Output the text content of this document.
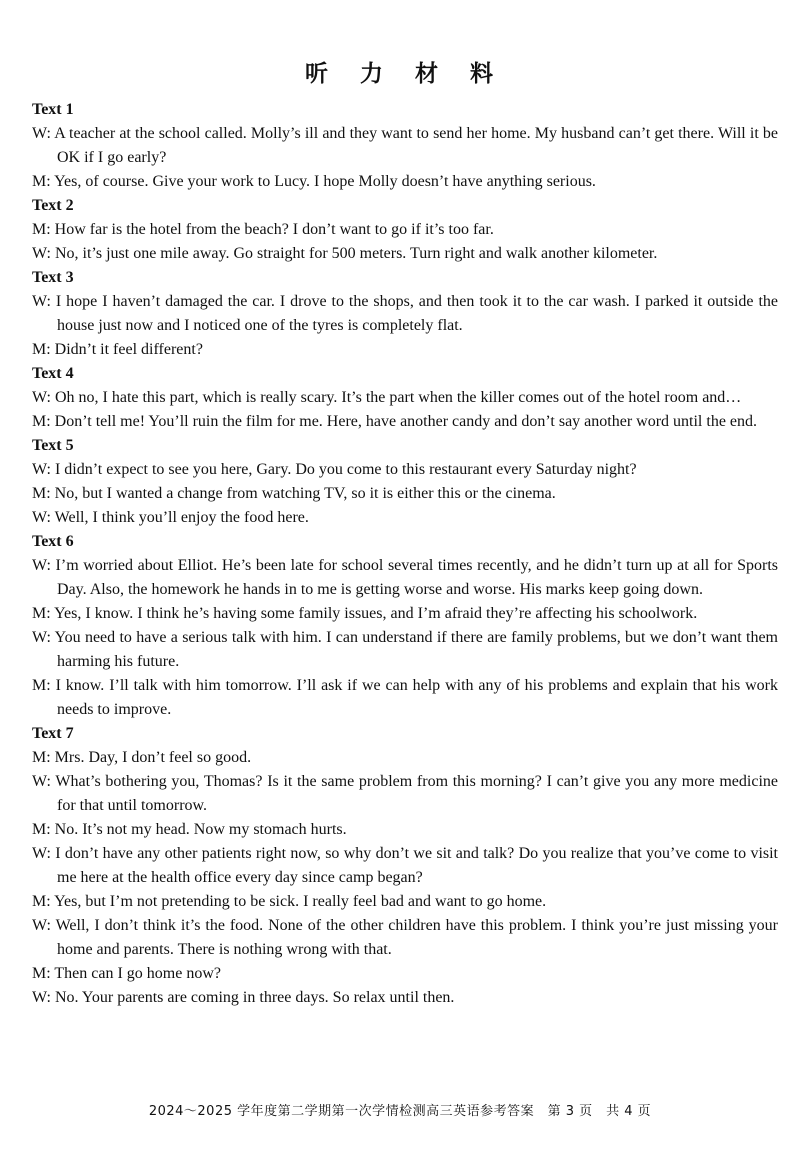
听 力 材 料
Text 1
W: A teacher at the school called. Molly’s ill and they want to send her home. My husband can’t get there. Will it be OK if I go early?
M: Yes, of course. Give your work to Lucy. I hope Molly doesn’t have anything serious.
Text 2
M: How far is the hotel from the beach? I don’t want to go if it’s too far.
W: No, it’s just one mile away. Go straight for 500 meters. Turn right and walk another kilometer.
Text 3
W: I hope I haven’t damaged the car. I drove to the shops, and then took it to the car wash. I parked it outside the house just now and I noticed one of the tyres is completely flat.
M: Didn’t it feel different?
Text 4
W: Oh no, I hate this part, which is really scary. It’s the part when the killer comes out of the hotel room and…
M: Don’t tell me! You’ll ruin the film for me. Here, have another candy and don’t say another word until the end.
Text 5
W: I didn’t expect to see you here, Gary. Do you come to this restaurant every Saturday night?
M: No, but I wanted a change from watching TV, so it is either this or the cinema.
W: Well, I think you’ll enjoy the food here.
Text 6
W: I’m worried about Elliot. He’s been late for school several times recently, and he didn’t turn up at all for Sports Day. Also, the homework he hands in to me is getting worse and worse. His marks keep going down.
M: Yes, I know. I think he’s having some family issues, and I’m afraid they’re affecting his schoolwork.
W: You need to have a serious talk with him. I can understand if there are family problems, but we don’t want them harming his future.
M: I know. I’ll talk with him tomorrow. I’ll ask if we can help with any of his problems and explain that his work needs to improve.
Text 7
M: Mrs. Day, I don’t feel so good.
W: What’s bothering you, Thomas? Is it the same problem from this morning? I can’t give you any more medicine for that until tomorrow.
M: No. It’s not my head. Now my stomach hurts.
W: I don’t have any other patients right now, so why don’t we sit and talk? Do you realize that you’ve come to visit me here at the health office every day since camp began?
M: Yes, but I’m not pretending to be sick. I really feel bad and want to go home.
W: Well, I don’t think it’s the food. None of the other children have this problem. I think you’re just missing your home and parents. There is nothing wrong with that.
M: Then can I go home now?
W: No. Your parents are coming in three days. So relax until then.
2024～2025 学年度第二学期第一次学情检测高三英语参考答案　第 3 页　共 4 页
